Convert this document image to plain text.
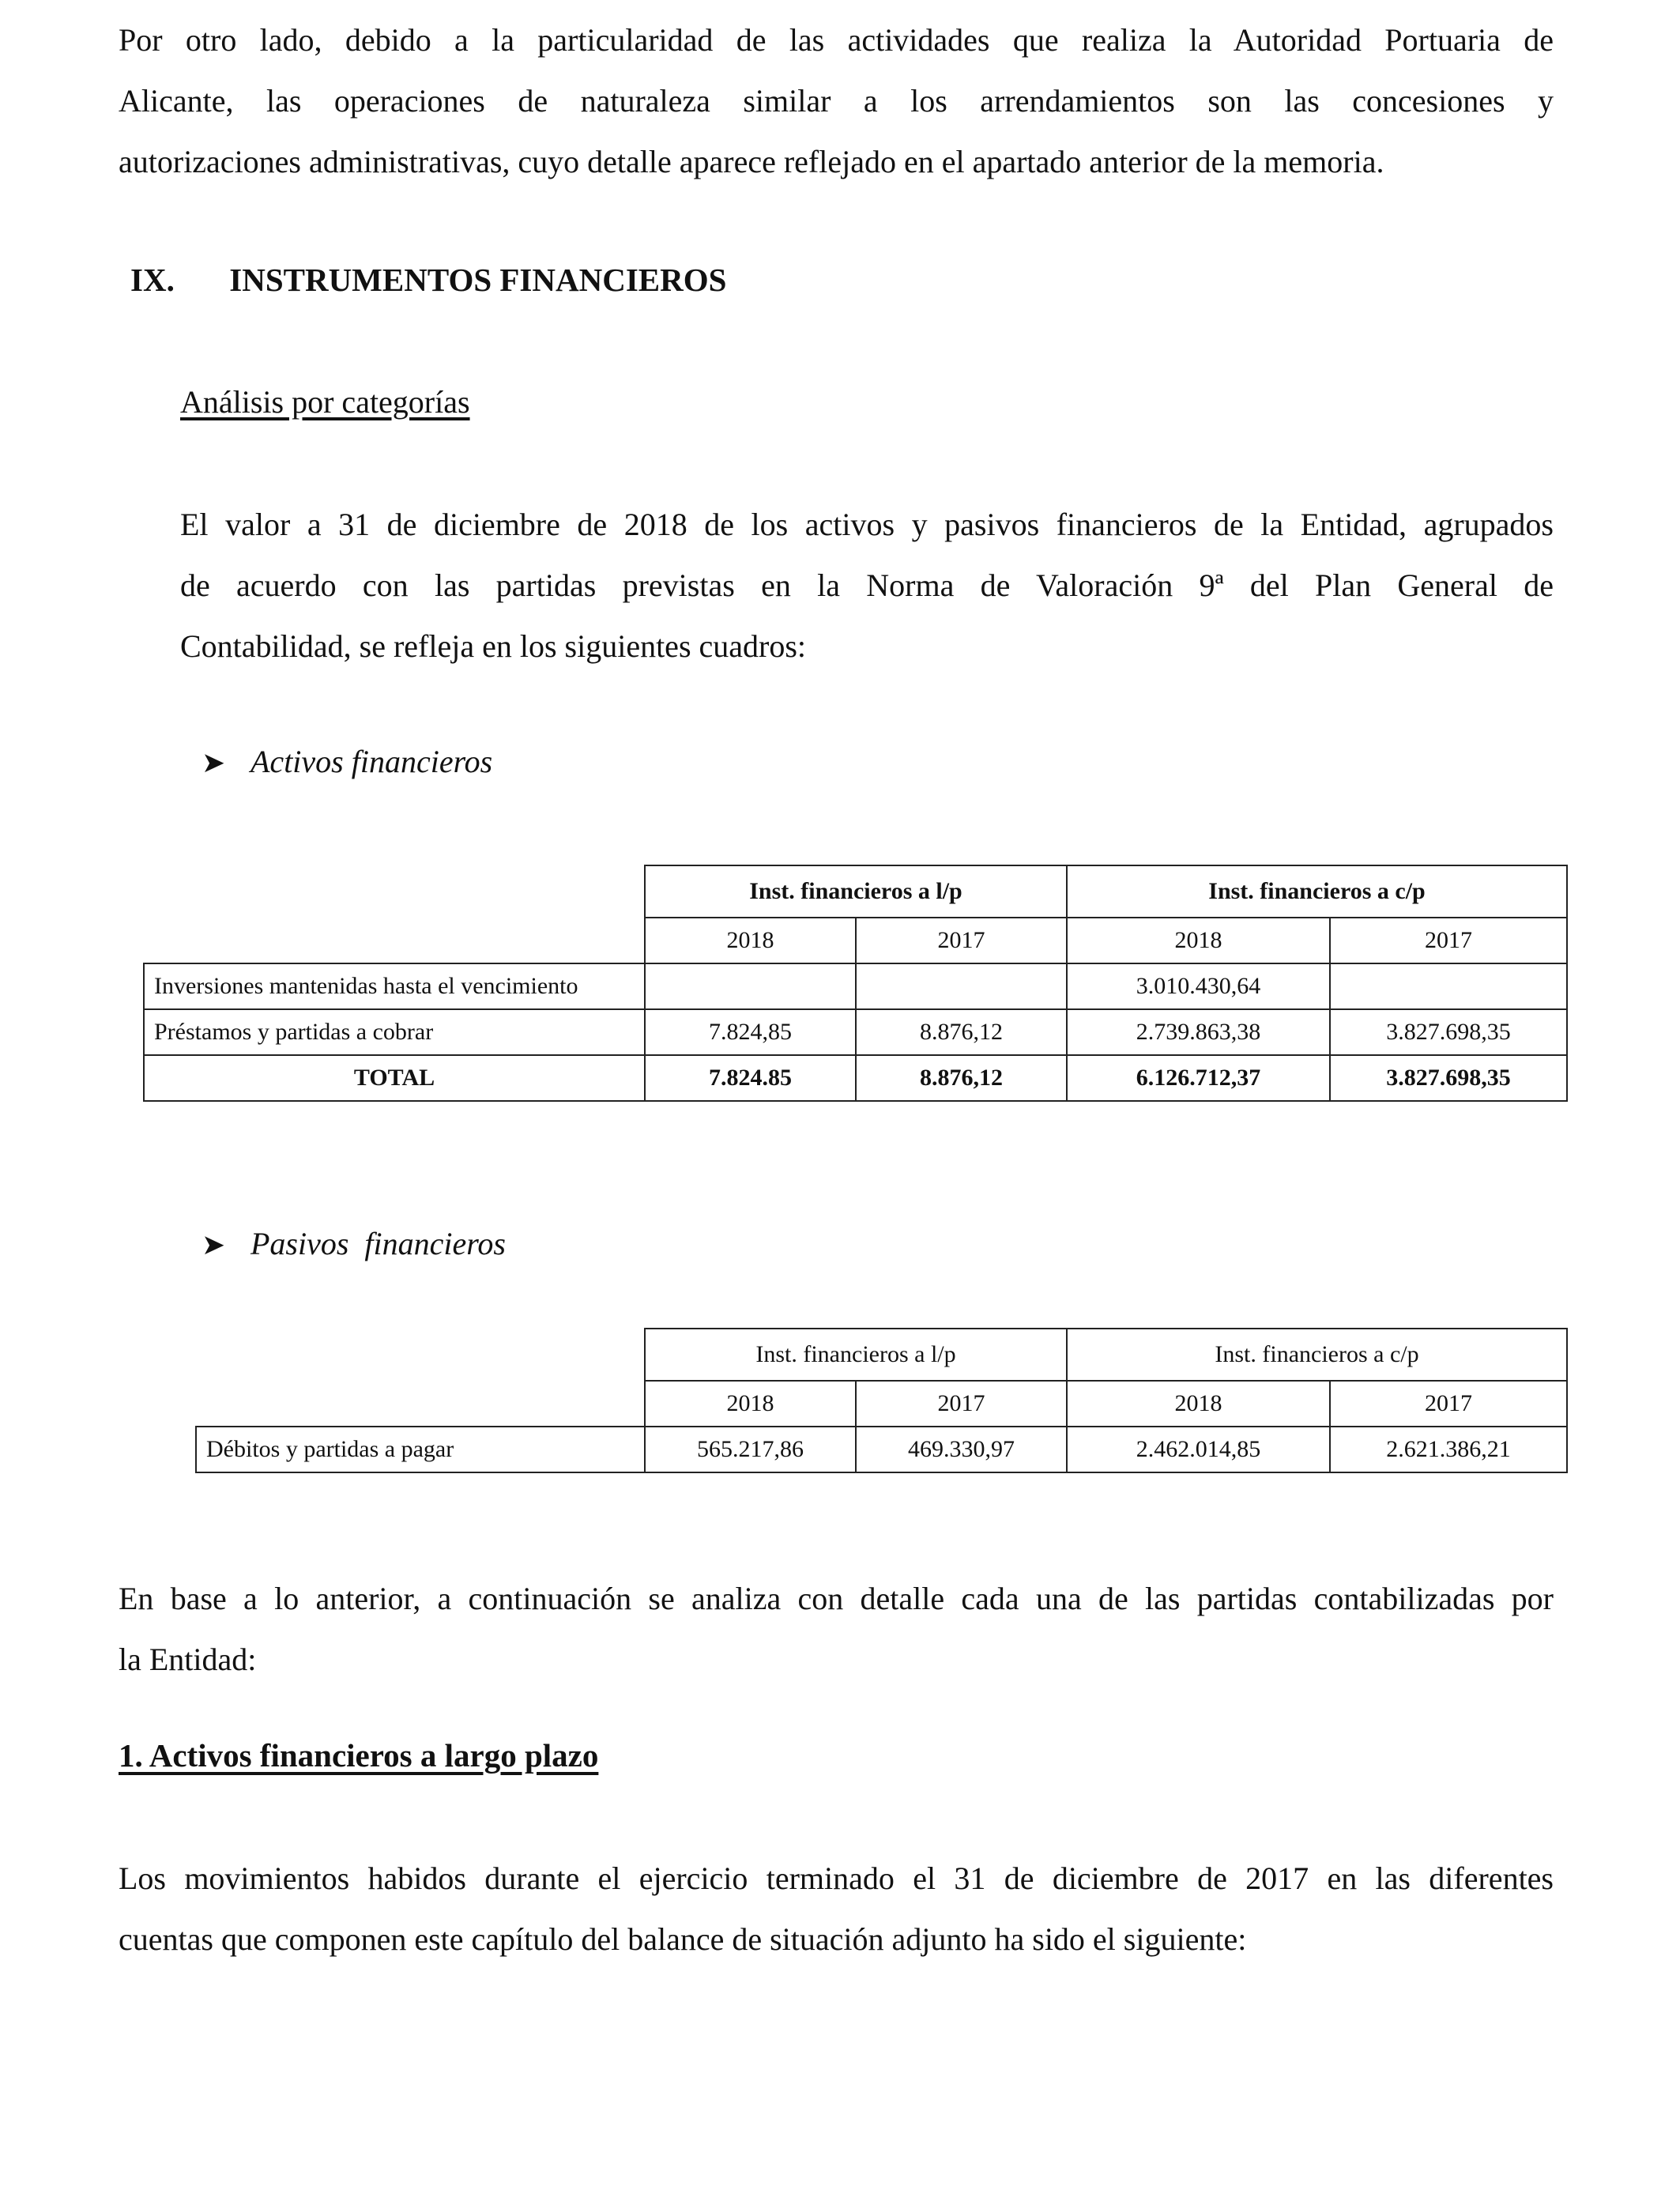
Por otro lado, debido a la particularidad de las actividades que realiza la Autoridad Portuaria de
Alicante, las operaciones de naturaleza similar a los arrendamientos son las concesiones y
autorizaciones administrativas, cuyo detalle aparece reflejado en el apartado anterior de la memoria.
IX. INSTRUMENTOS FINANCIEROS
Análisis por categorías
El valor a 31 de diciembre de 2018 de los activos y pasivos financieros de la Entidad, agrupados
de acuerdo con las partidas previstas en la Norma de Valoración 9ª del Plan General de
Contabilidad, se refleja en los siguientes cuadros:
➤ Activos financieros
	Inst. financieros a l/p		Inst. financieros a c/p	
	2018	2017	2018	2017
Inversiones mantenidas hasta el vencimiento			3.010.430,64	
Préstamos y partidas a cobrar	7.824,85	8.876,12	2.739.863,38	3.827.698,35
TOTAL	7.824.85	8.876,12	6.126.712,37	3.827.698,35
➤ Pasivos  financieros
	Inst. financieros a l/p		Inst. financieros a c/p	
	2018	2017	2018	2017
Débitos y partidas a pagar	565.217,86	469.330,97	2.462.014,85	2.621.386,21
En base a lo anterior, a continuación se analiza con detalle cada una de las partidas contabilizadas por
la Entidad:
1. Activos financieros a largo plazo
Los movimientos habidos durante el ejercicio terminado el 31 de diciembre de 2017 en las diferentes
cuentas que componen este capítulo del balance de situación adjunto ha sido el siguiente:
